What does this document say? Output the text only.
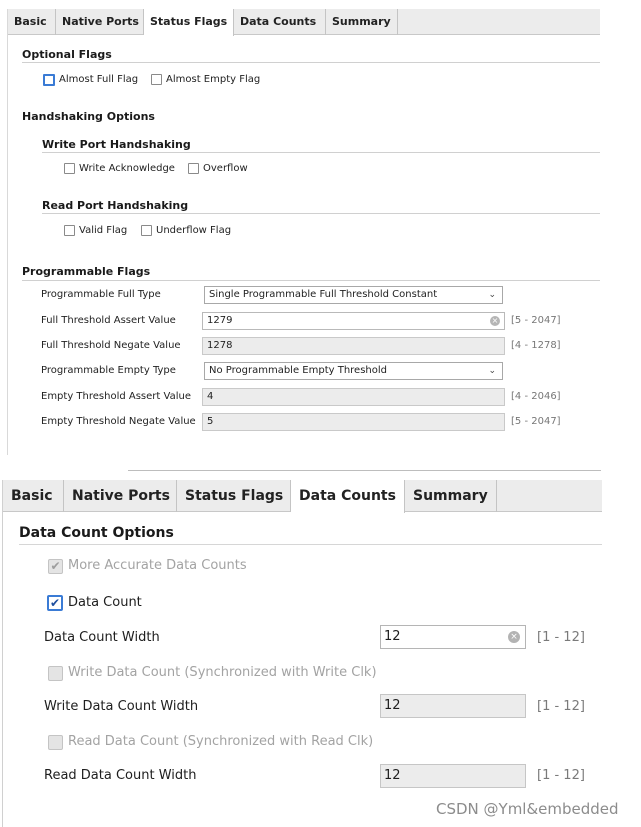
Basic	Native Ports	Status Flags	Data Counts	Summary
Optional Flags
Almost Full Flag	Almost Empty Flag
Handshaking Options
Write Port Handshaking
Write Acknowledge	Overflow
Read Port Handshaking
Valid Flag	Underflow Flag
Programmable Flags
Programmable Full Type	Single Programmable Full Threshold Constant	⌄
Full Threshold Assert Value	1279	× [5 - 2047]
Full Threshold Negate Value	1278	[4 - 1278]
Programmable Empty Type	No Programmable Empty Threshold	⌄
Empty Threshold Assert Value	4	[4 - 2046]
Empty Threshold Negate Value	5	[5 - 2047]
Basic	Native Ports	Status Flags	Data Counts	Summary
Data Count Options
✔ More Accurate Data Counts
✔ Data Count
Data Count Width	12	× [1 - 12]
Write Data Count (Synchronized with Write Clk)
Write Data Count Width	12	[1 - 12]
Read Data Count (Synchronized with Read Clk)
Read Data Count Width	12	[1 - 12]
CSDN @Yml&embedded
